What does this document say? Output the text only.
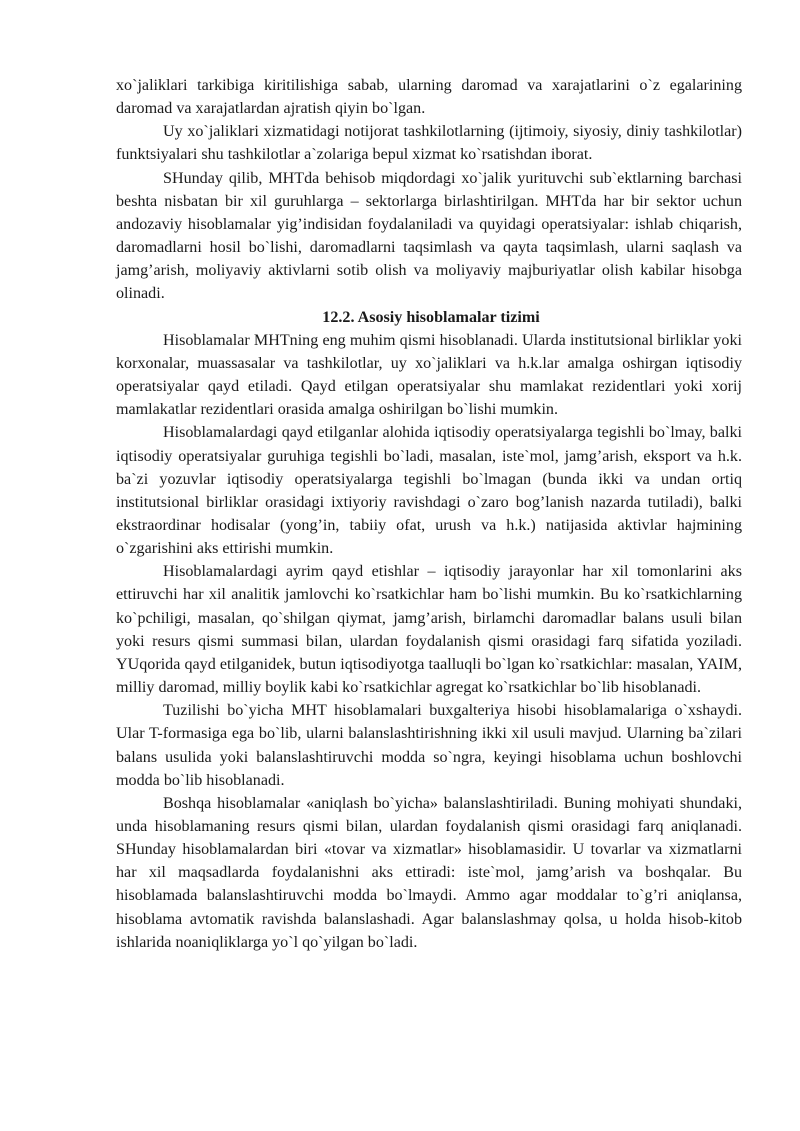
xo`jaliklari tarkibiga kiritilishiga sabab, ularning daromad va xarajatlarini o`z egalarining daromad va xarajatlardan ajratish qiyin bo`lgan.

Uy xo`jaliklari xizmatidagi notijorat tashkilotlarning (ijtimoiy, siyosiy, diniy tashkilotlar) funktsiyalari shu tashkilotlar a`zolariga bepul xizmat ko`rsatishdan iborat.

SHunday qilib, MHTda behisob miqdordagi xo`jalik yurituvchi sub`ektlarning barchasi beshta nisbatan bir xil guruhlarga – sektorlarga birlashtirilgan. MHTda har bir sektor uchun andozaviy hisoblamalar yig’indisidan foydalaniladi va quyidagi operatsiyalar: ishlab chiqarish, daromadlarni hosil bo`lishi, daromadlarni taqsimlash va qayta taqsimlash, ularni saqlash va jamg’arish, moliyaviy aktivlarni sotib olish va moliyaviy majburiyatlar olish kabilar hisobga olinadi.

12.2. Asosiy hisoblamalar tizimi

Hisoblamalar MHTning eng muhim qismi hisoblanadi. Ularda institutsional birliklar yoki korxonalar, muassasalar va tashkilotlar, uy xo`jaliklari va h.k.lar amalga oshirgan iqtisodiy operatsiyalar qayd etiladi. Qayd etilgan operatsiyalar shu mamlakat rezidentlari yoki xorij mamlakatlar rezidentlari orasida amalga oshirilgan bo`lishi mumkin.

Hisoblamalardagi qayd etilganlar alohida iqtisodiy operatsiyalarga tegishli bo`lmay, balki iqtisodiy operatsiyalar guruhiga tegishli bo`ladi, masalan, iste`mol, jamg’arish, eksport va h.k. ba`zi yozuvlar iqtisodiy operatsiyalarga tegishli bo`lmagan (bunda ikki va undan ortiq institutsional birliklar orasidagi ixtiyoriy ravishdagi o`zaro bog’lanish nazarda tutiladi), balki ekstraordinar hodisalar (yong’in, tabiiy ofat, urush va h.k.) natijasida aktivlar hajmining o`zgarishini aks ettirishi mumkin.

Hisoblamalardagi ayrim qayd etishlar – iqtisodiy jarayonlar har xil tomonlarini aks ettiruvchi har xil analitik jamlovchi ko`rsatkichlar ham bo`lishi mumkin. Bu ko`rsatkichlarning ko`pchiligi, masalan, qo`shilgan qiymat, jamg’arish, birlamchi daromadlar balans usuli bilan yoki resurs qismi summasi bilan, ulardan foydalanish qismi orasidagi farq sifatida yoziladi. YUqorida qayd etilganidek, butun iqtisodiyotga taalluqli bo`lgan ko`rsatkichlar: masalan, YAIM, milliy daromad, milliy boylik kabi ko`rsatkichlar agregat ko`rsatkichlar bo`lib hisoblanadi.

Tuzilishi bo`yicha MHT hisoblamalari buxgalteriya hisobi hisoblamalariga o`xshaydi. Ular T-formasiga ega bo`lib, ularni balanslashtirishning ikki xil usuli mavjud. Ularning ba`zilari balans usulida yoki balanslashtiruvchi modda so`ngra, keyingi hisoblama uchun boshlovchi modda bo`lib hisoblanadi.

Boshqa hisoblamalar «aniqlash bo`yicha» balanslashtiriladi. Buning mohiyati shundaki, unda hisoblamaning resurs qismi bilan, ulardan foydalanish qismi orasidagi farq aniqlanadi. SHunday hisoblamalardan biri «tovar va xizmatlar» hisoblamasidir. U tovarlar va xizmatlarni har xil maqsadlarda foydalanishni aks ettiradi: iste`mol, jamg’arish va boshqalar. Bu hisoblamada balanslashtiruvchi modda bo`lmaydi. Ammo agar moddalar to`g’ri aniqlansa, hisoblama avtomatik ravishda balanslashadi. Agar balanslashmay qolsa, u holda hisob-kitob ishlarida noaniqliklarga yo`l qo`yilgan bo`ladi.
